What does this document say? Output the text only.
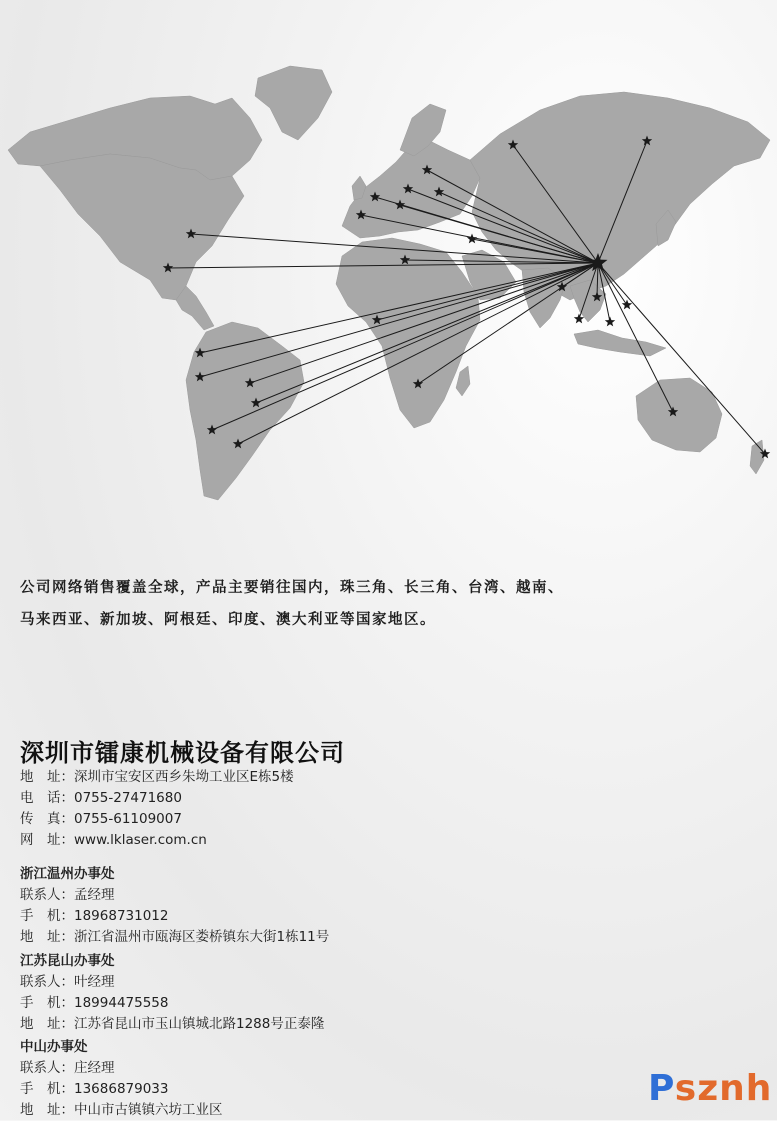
公司网络销售覆盖全球，产品主要销往国内，珠三角、长三角、台湾、越南、

马来西亚、新加坡、阿根廷、印度、澳大利亚等国家地区。

深圳市镭康机械设备有限公司
地　址：深圳市宝安区西乡朱坳工业区E栋5楼
电　话：0755-27471680
传　真：0755-61109007
网　址：www.lklaser.com.cn
浙江温州办事处
联系人：孟经理
手　机：18968731012
地　址：浙江省温州市瓯海区娄桥镇东大街1栋11号
江苏昆山办事处
联系人：叶经理
手　机：18994475558
地　址：江苏省昆山市玉山镇城北路1288号正泰隆
中山办事处
联系人：庄经理
手　机：13686879033
地　址：中山市古镇镇六坊工业区
Psznh
